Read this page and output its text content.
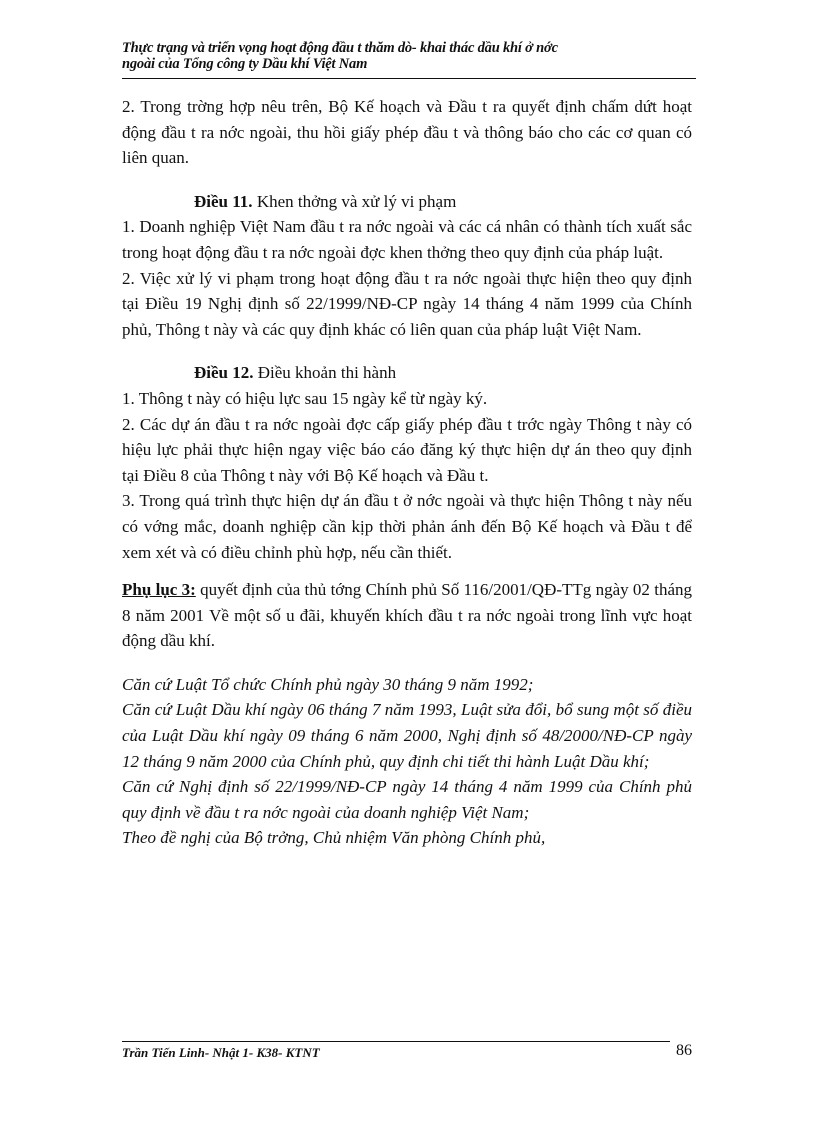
Thực trạng và triển vọng hoạt động đầu t thăm dò- khai thác dầu khí ở nớc
ngoài của Tổng công ty Dầu khí Việt Nam

2. Trong trờng hợp nêu trên, Bộ Kế hoạch và Đầu t ra quyết định chấm dứt hoạt động đầu t ra nớc ngoài, thu hồi giấy phép đầu t và thông báo cho các cơ quan có liên quan.

Điều 11. Khen thởng và xử lý vi phạm

1. Doanh nghiệp Việt Nam đầu t ra nớc ngoài và các cá nhân có thành tích xuất sắc trong hoạt động đầu t ra nớc ngoài đợc khen thởng theo quy định của pháp luật.

2. Việc xử lý vi phạm trong hoạt động đầu t ra nớc ngoài thực hiện theo quy định tại Điều 19 Nghị định số 22/1999/NĐ-CP ngày 14 tháng 4 năm 1999 của Chính phủ, Thông t này và các quy định khác có liên quan của pháp luật Việt Nam.

Điều 12. Điều khoản thi hành

1. Thông t này có hiệu lực sau 15 ngày kể từ ngày ký.

2. Các dự án đầu t ra nớc ngoài đợc cấp giấy phép đầu t trớc ngày Thông t này có hiệu lực phải thực hiện ngay việc báo cáo đăng ký thực hiện dự án theo quy định tại Điều 8 của Thông t này với Bộ Kế hoạch và Đầu t.

3. Trong quá trình thực hiện dự án đầu t ở nớc ngoài và thực hiện Thông t này nếu có vớng mắc, doanh nghiệp cần kịp thời phản ánh đến Bộ Kế hoạch và Đầu t để xem xét và có điều chỉnh phù hợp, nếu cần thiết.

Phụ lục 3: quyết định của thủ tớng Chính phủ Số 116/2001/QĐ-TTg ngày 02 tháng 8 năm 2001 Về một số u đãi, khuyến khích đầu t ra nớc ngoài trong lĩnh vực hoạt động dầu khí.

Căn cứ Luật Tổ chức Chính phủ ngày 30 tháng 9 năm 1992;

Căn cứ Luật Dầu khí ngày 06 tháng 7 năm 1993, Luật sửa đổi, bổ sung một số điều của Luật Dầu khí ngày 09 tháng 6 năm 2000, Nghị định số 48/2000/NĐ-CP ngày 12 tháng 9 năm 2000 của Chính phủ, quy định chi tiết thi hành Luật Dầu khí;

Căn cứ Nghị định số 22/1999/NĐ-CP ngày 14 tháng 4 năm 1999 của Chính phủ quy định về đầu t ra nớc ngoài của doanh nghiệp Việt Nam;

Theo đề nghị của Bộ trởng, Chủ nhiệm Văn phòng Chính phủ,

Trần Tiến Linh- Nhật 1- K38- KTNT	86
